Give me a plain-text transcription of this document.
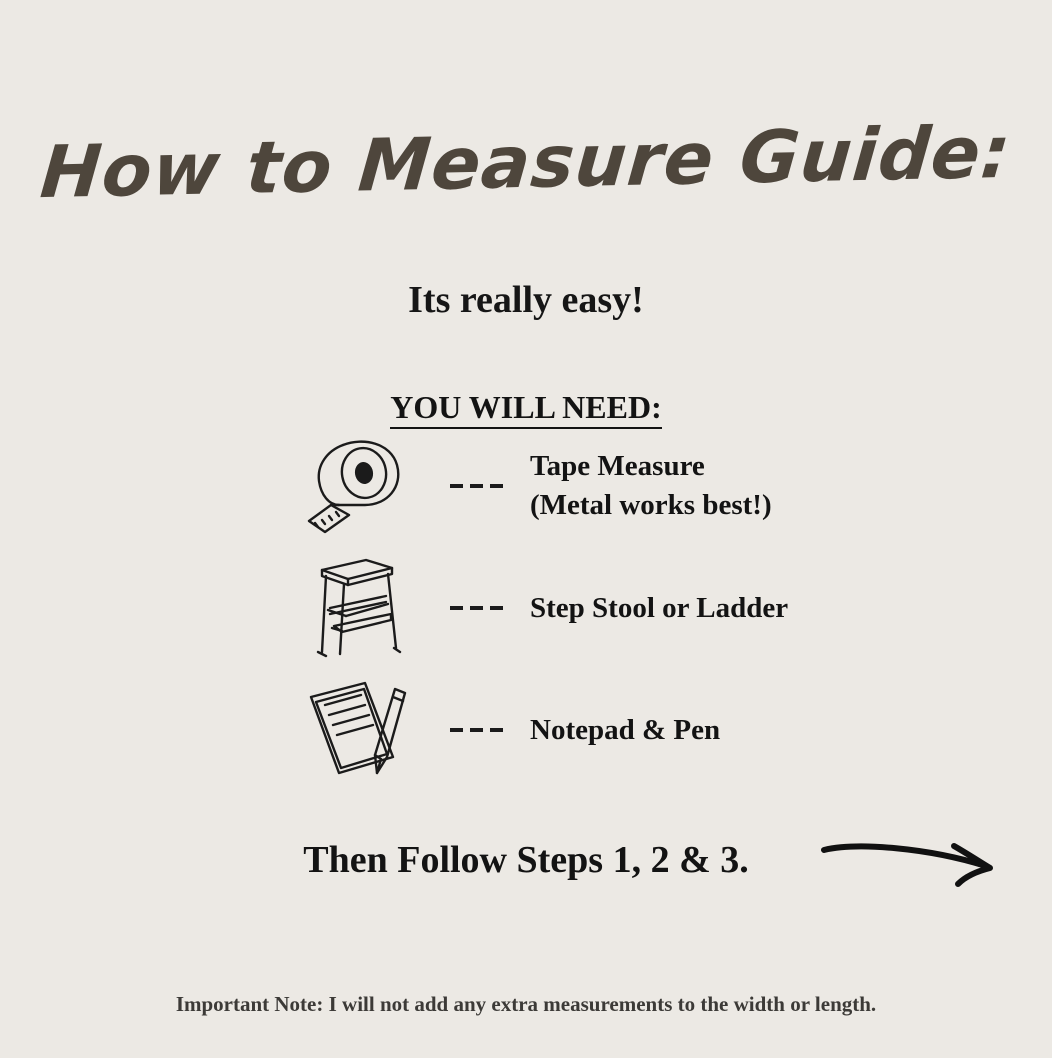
How to Measure Guide:
Its really easy!
YOU WILL NEED:
Tape Measure
(Metal works best!)
Step Stool or Ladder
Notepad & Pen
Then Follow Steps 1, 2 & 3.
Important Note: I will not add any extra measurements to the width or length.
